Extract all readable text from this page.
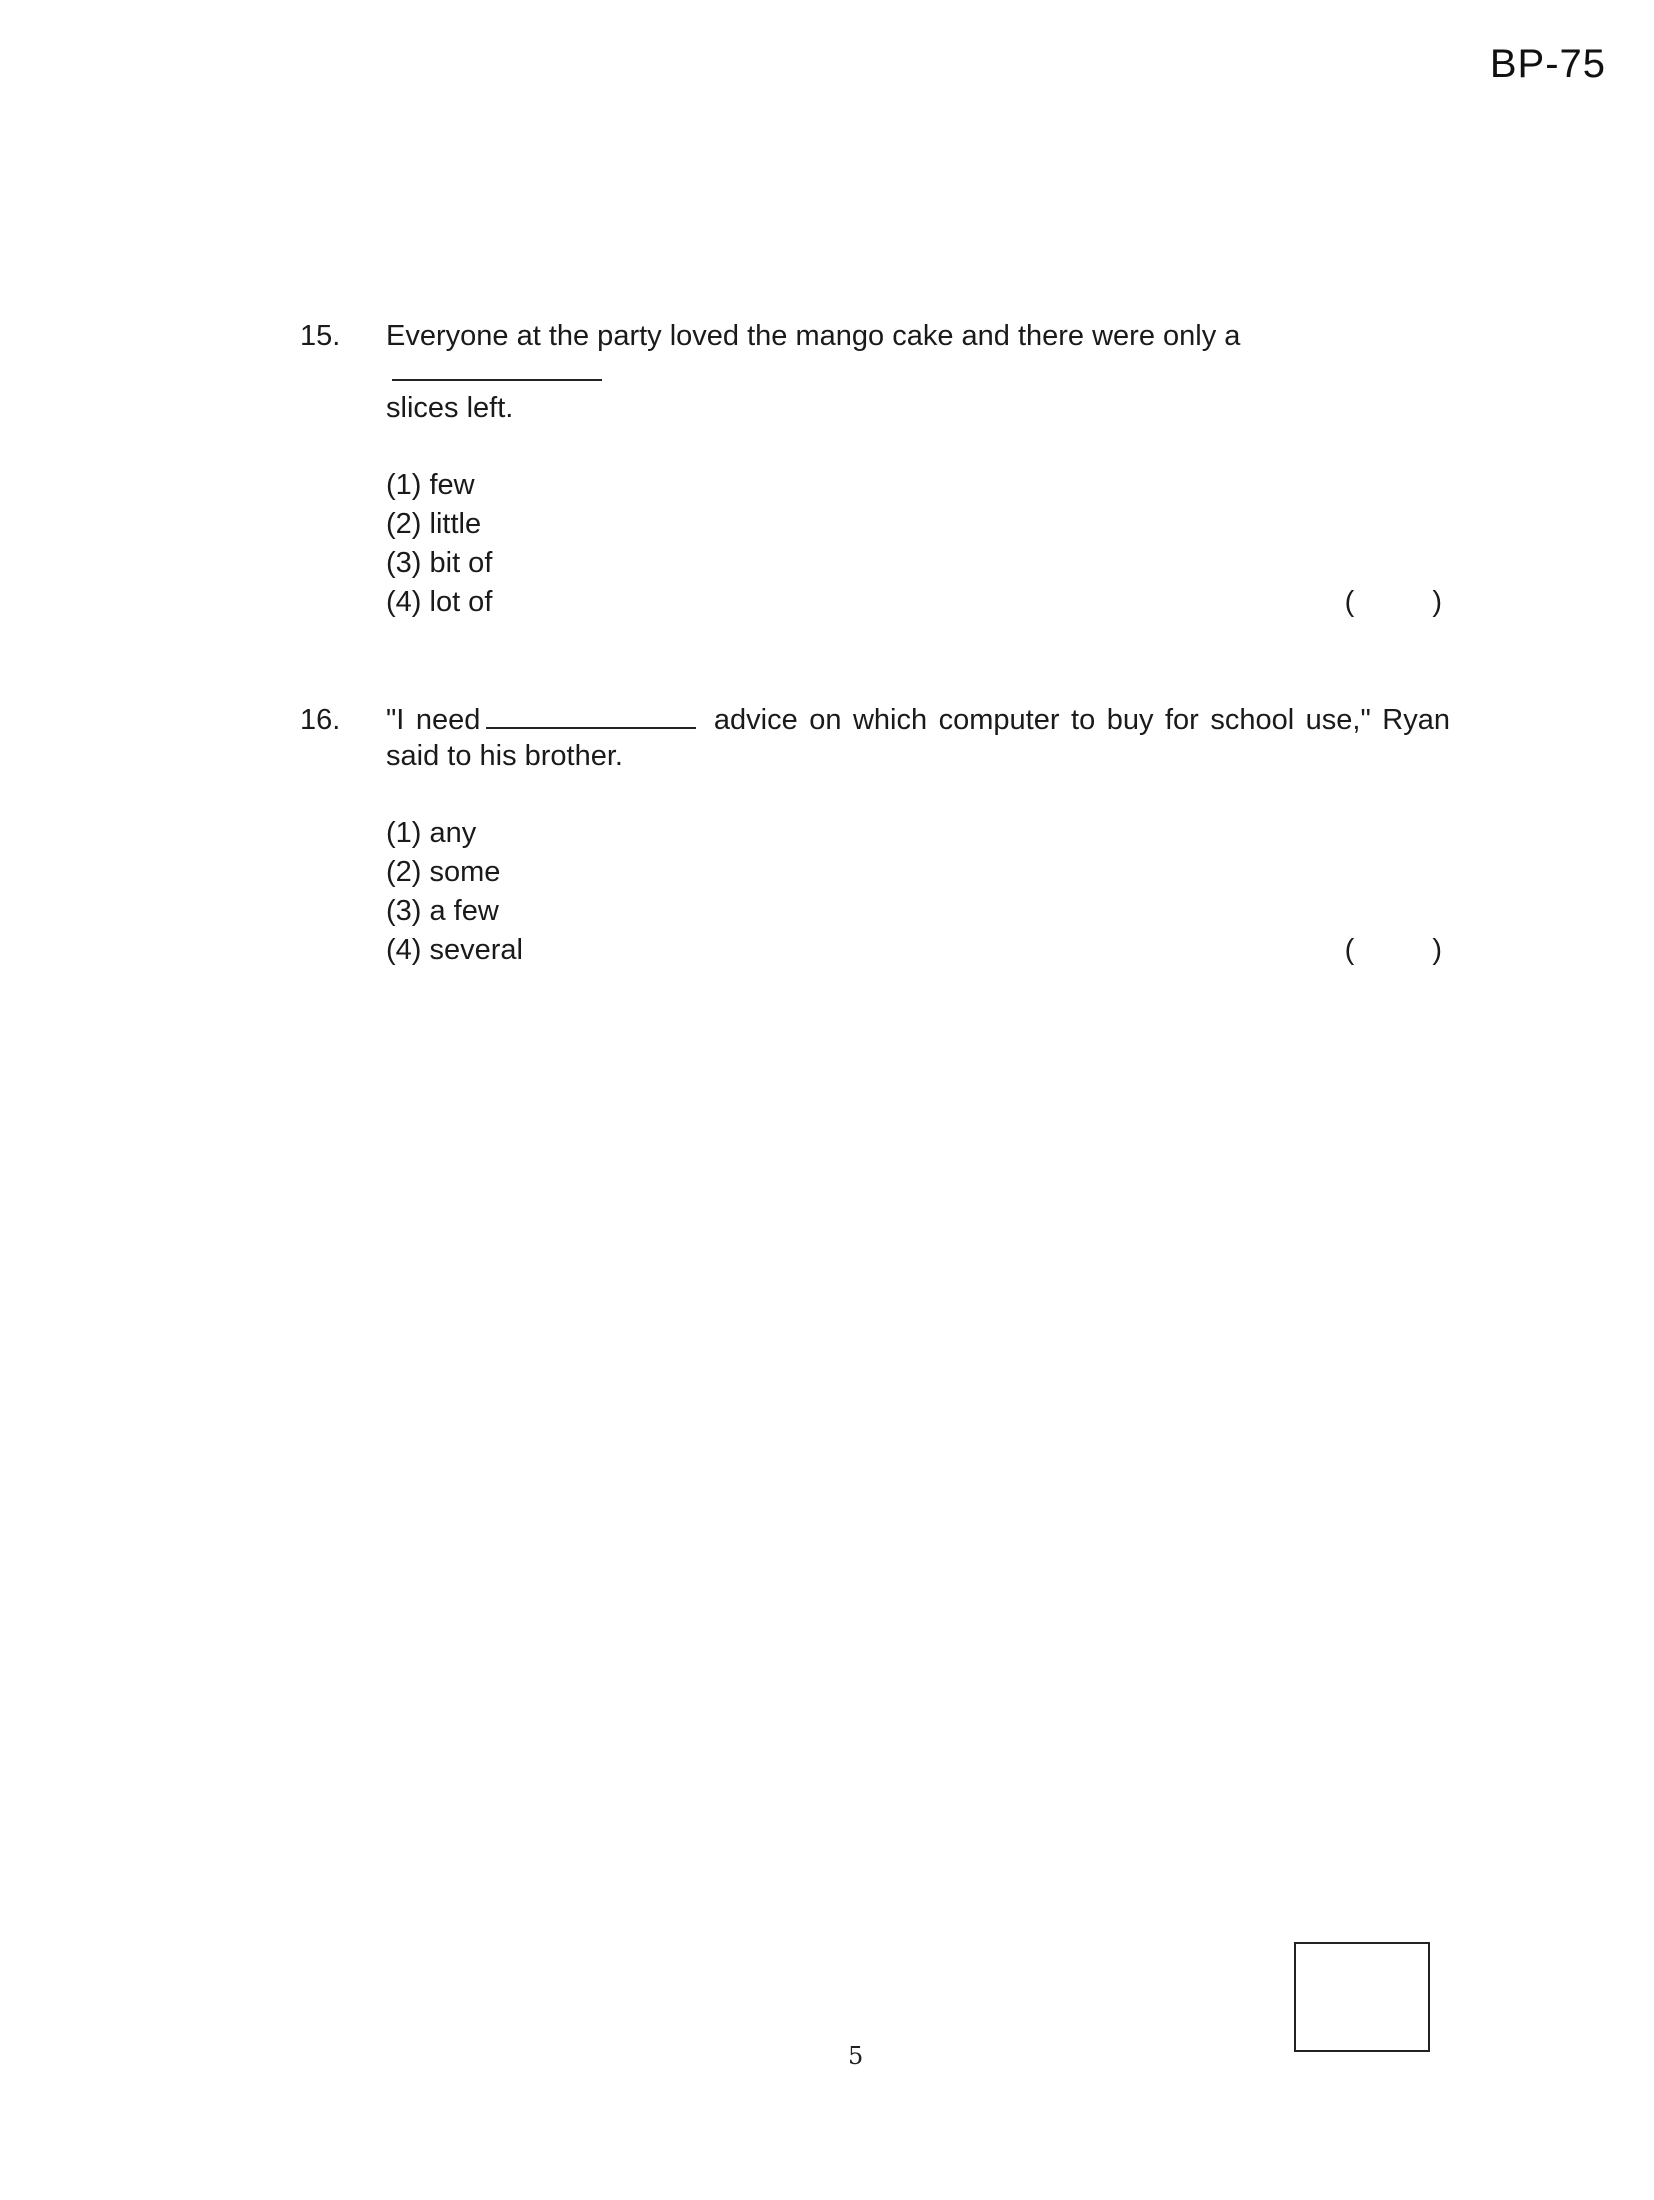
BP-75
15.	Everyone at the party loved the mango cake and there were only a
slices left.
(1) few
(2) little
(3) bit of
(4) lot of	(	)
16.	"I need	advice on which computer to buy for school use," Ryan said to his brother.
(1) any
(2) some
(3) a few
(4) several	(	)
5
